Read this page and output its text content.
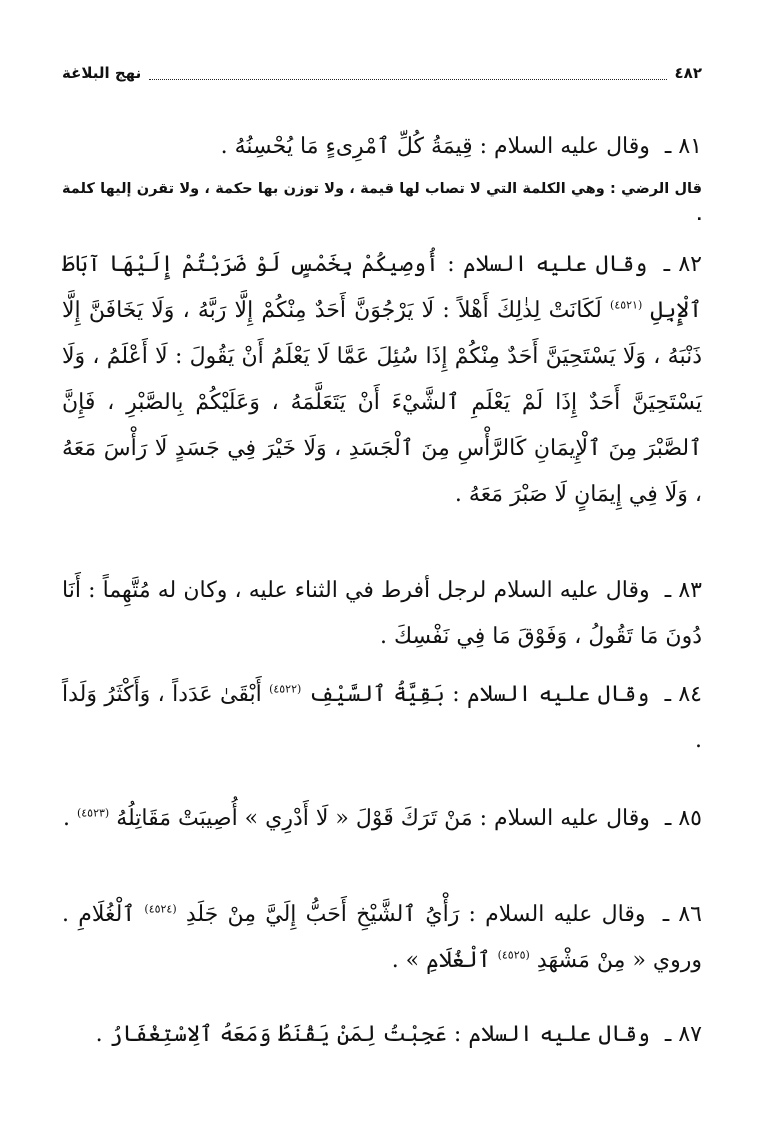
٤٨٢
نهج البلاغة

٨١ ـ وقال عليه السلام : قِيمَةُ كُلِّ ٱمْرِىءٍ مَا يُحْسِنُهُ .

قال الرضي : وهي الكلمة التي لا تصاب لها قيمة ، ولا توزن بها حكمة ، ولا تقرن إليها كلمة .

٨٢ ـ وقال عليه السلام : أُوصِيكُمْ بِخَمْسٍ لَوْ ضَرَبْتُمْ إِلَيْهَا آبَاطَ ٱلْإِبِلِ $^{(٤٥٢١)}$ لَكَانَتْ لِذٰلِكَ أَهْلاً : لَا يَرْجُوَنَّ أَحَدٌ مِنْكُمْ إِلَّا رَبَّهُ ، وَلَا يَخَافَنَّ إِلَّا ذَنْبَهُ ، وَلَا يَسْتَحِيَنَّ أَحَدٌ مِنْكُمْ إِذَا سُئِلَ عَمَّا لَا يَعْلَمُ أَنْ يَقُولَ : لَا أَعْلَمُ ، وَلَا يَسْتَحِيَنَّ أَحَدٌ إِذَا لَمْ يَعْلَمِ ٱلشَّيْءَ أَنْ يَتَعَلَّمَهُ ، وَعَلَيْكُمْ بِالصَّبْرِ ، فَإِنَّ ٱلصَّبْرَ مِنَ ٱلْإِيمَانِ كَالرَّأْسِ مِنَ ٱلْجَسَدِ ، وَلَا خَيْرَ فِي جَسَدٍ لَا رَأْسَ مَعَهُ ، وَلَا فِي إِيمَانٍ لَا صَبْرَ مَعَهُ .

٨٣ ـ وقال عليه السلام لرجل أفرط في الثناء عليه ، وكان له مُتَّهِماً : أَنَا دُونَ مَا تَقُولُ ، وَفَوْقَ مَا فِي نَفْسِكَ .

٨٤ ـ وقال عليه السلام : بَقِيَّةُ ٱلسَّيْفِ $^{(٤٥٢٢)}$ أَبْقَىٰ عَدَداً ، وَأَكْثَرُ وَلَداً .

٨٥ ـ وقال عليه السلام : مَنْ تَرَكَ قَوْلَ « لَا أَدْرِي » أُصِيبَتْ مَقَاتِلُهُ $^{(٤٥٢٣)}$ .

٨٦ ـ وقال عليه السلام : رَأْيُ ٱلشَّيْخِ أَحَبُّ إِلَيَّ مِنْ جَلَدِ $^{(٤٥٢٤)}$ ٱلْغُلَامِ . وروي « مِنْ مَشْهَدِ $^{(٤٥٢٥)}$ ٱلْغُلَامِ » .

٨٧ ـ وقال عليه السلام : عَجِبْتُ لِمَنْ يَقْنَطُ وَمَعَهُ ٱلِاسْتِغْفَارُ .
